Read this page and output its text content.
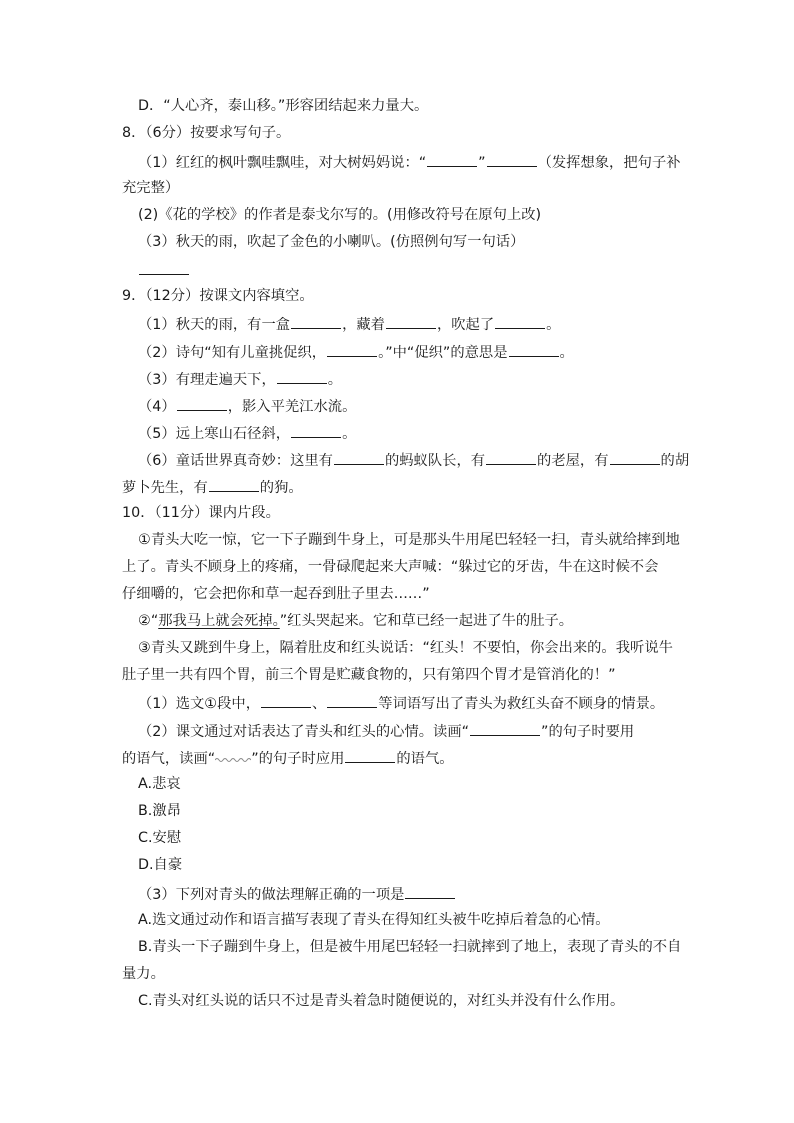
D．“人心齐，泰山移。”形容团结起来力量大。
8．（6分）按要求写句子。
（1）红红的枫叶飘哇飘哇，对大树妈妈说：“	”	（发挥想象，把句子补
充完整）
(2)《花的学校》的作者是泰戈尔写的。(用修改符号在原句上改)
（3）秋天的雨，吹起了金色的小喇叭。(仿照例句写一句话）
9．（12分）按课文内容填空。
（1）秋天的雨，有一盒	，藏着	，吹起了	。
（2）诗句“知有儿童挑促织，	。”中“促织”的意思是	。
（3）有理走遍天下，	。
（4）	，影入平羌江水流。
（5）远上寒山石径斜，	。
（6）童话世界真奇妙：这里有	的蚂蚁队长，有	的老屋，有	的胡
萝卜先生，有	的狗。
10．（11分）课内片段。
①青头大吃一惊，它一下子蹦到牛身上，可是那头牛用尾巴轻轻一扫，青头就给摔到地
上了。青头不顾身上的疼痛，一骨碌爬起来大声喊：“躲过它的牙齿，牛在这时候不会
仔细嚼的，它会把你和草一起吞到肚子里去……”
②“那我马上就会死掉。”红头哭起来。它和草已经一起进了牛的肚子。
③青头又跳到牛身上，隔着肚皮和红头说话：“红头！不要怕，你会出来的。我听说牛
肚子里一共有四个胃，前三个胃是贮藏食物的，只有第四个胃才是管消化的！”
（1）选文①段中，	、	等词语写出了青头为救红头奋不顾身的情景。
（2）课文通过对话表达了青头和红头的心情。读画“	”的句子时要用
的语气，读画“	”的句子时应用	的语气。
A.悲哀
B.激昂
C.安慰
D.自豪
（3）下列对青头的做法理解正确的一项是
A.选文通过动作和语言描写表现了青头在得知红头被牛吃掉后着急的心情。
B.青头一下子蹦到牛身上，但是被牛用尾巴轻轻一扫就摔到了地上，表现了青头的不自
量力。
C.青头对红头说的话只不过是青头着急时随便说的，对红头并没有什么作用。
